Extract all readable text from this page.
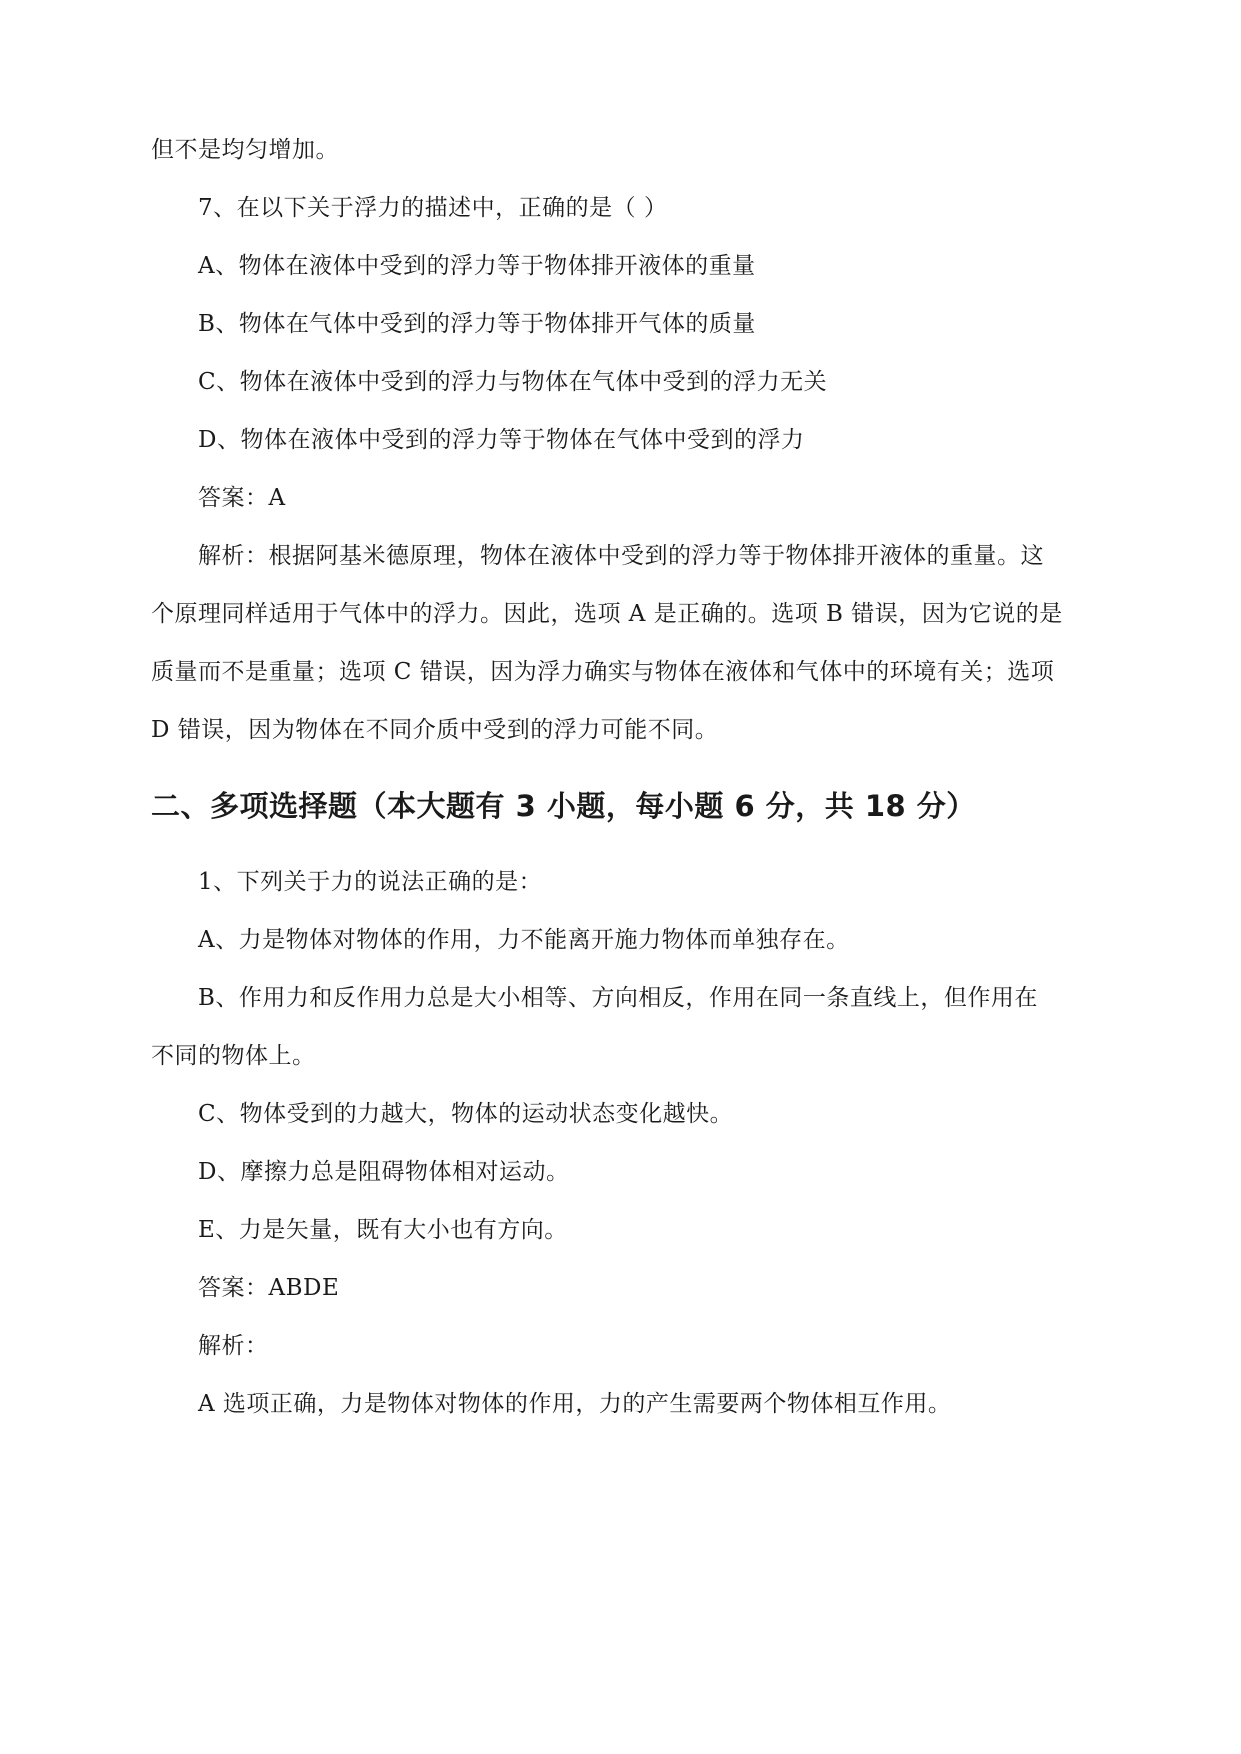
但不是均匀增加。
7、在以下关于浮力的描述中，正确的是（ ）
A、物体在液体中受到的浮力等于物体排开液体的重量
B、物体在气体中受到的浮力等于物体排开气体的质量
C、物体在液体中受到的浮力与物体在气体中受到的浮力无关
D、物体在液体中受到的浮力等于物体在气体中受到的浮力
答案：A
解析：根据阿基米德原理，物体在液体中受到的浮力等于物体排开液体的重量。这
个原理同样适用于气体中的浮力。因此，选项 A 是正确的。选项 B 错误，因为它说的是
质量而不是重量；选项 C 错误，因为浮力确实与物体在液体和气体中的环境有关；选项
D 错误，因为物体在不同介质中受到的浮力可能不同。
二、多项选择题（本大题有 3 小题，每小题 6 分，共 18 分）
1、下列关于力的说法正确的是：
A、力是物体对物体的作用，力不能离开施力物体而单独存在。
B、作用力和反作用力总是大小相等、方向相反，作用在同一条直线上，但作用在
不同的物体上。
C、物体受到的力越大，物体的运动状态变化越快。
D、摩擦力总是阻碍物体相对运动。
E、力是矢量，既有大小也有方向。
答案：ABDE
解析：
A 选项正确，力是物体对物体的作用，力的产生需要两个物体相互作用。
